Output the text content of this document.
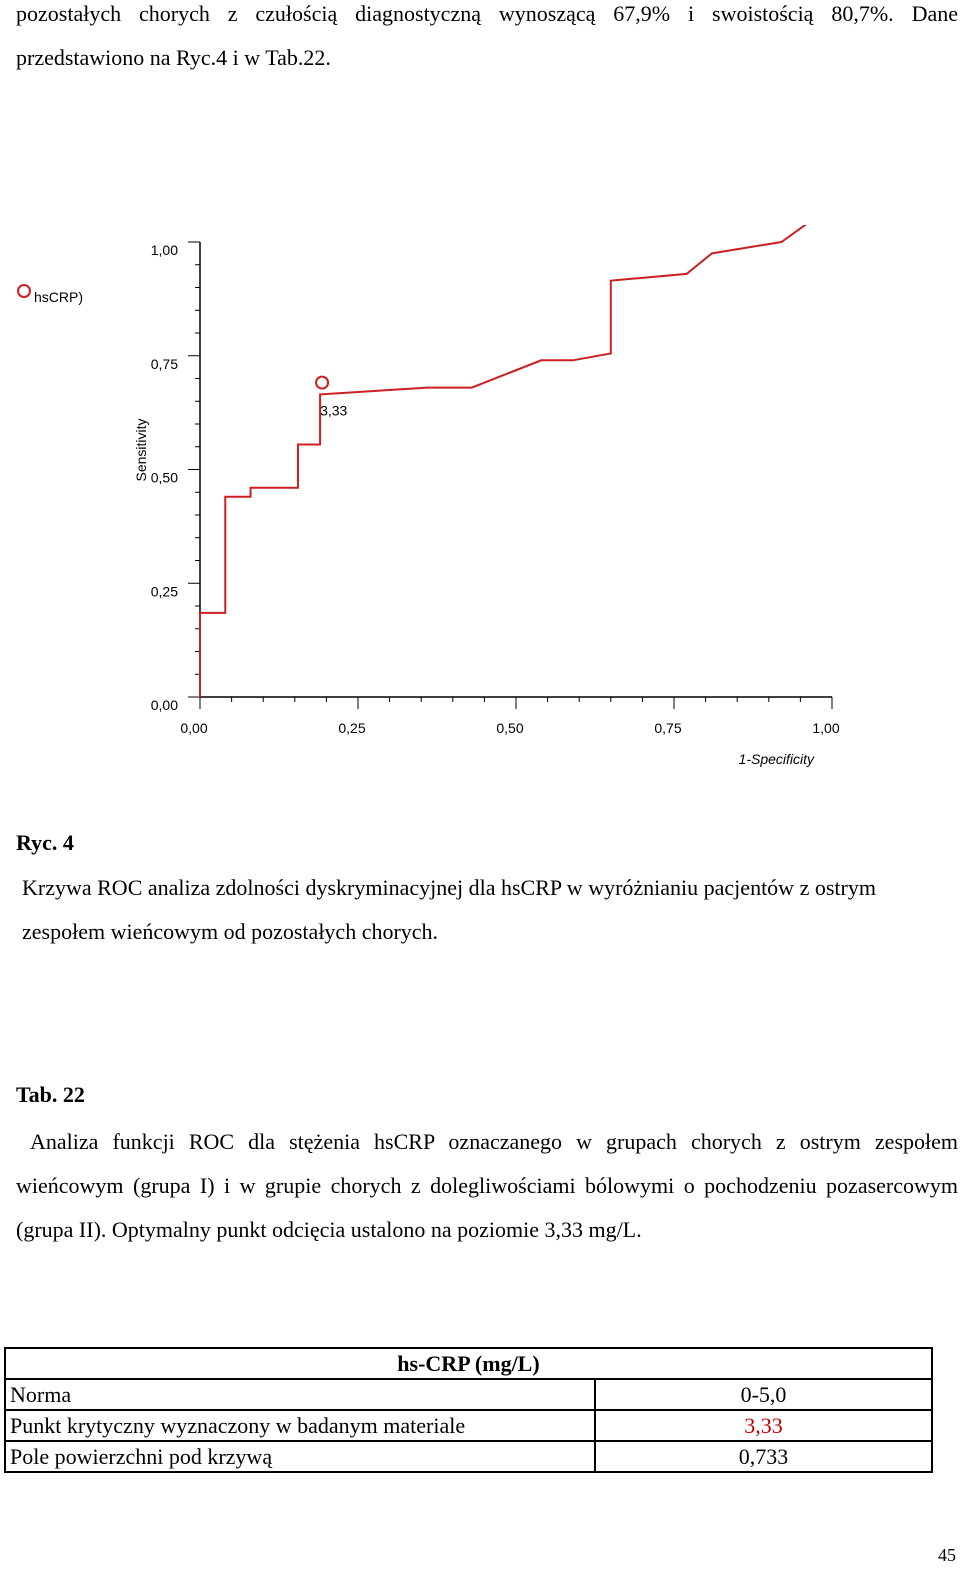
pozostałych chorych z czułością diagnostyczną wynoszącą 67,9% i swoistością 80,7%. Dane przedstawiono na Ryc.4 i w Tab.22.
0,00
0,25
0,50
0,75
1,00
0,00	0,25	0,50	0,75	1,00
1-Specificity
Sensitivity
3,33
hsCRP)
Ryc. 4
Krzywa ROC analiza zdolności dyskryminacyjnej dla hsCRP w wyróżnianiu pacjentów z ostrym zespołem wieńcowym od pozostałych chorych.
Tab. 22
Analiza funkcji ROC dla stężenia hsCRP oznaczanego w grupach chorych z ostrym zespołem wieńcowym (grupa I) i w grupie chorych z dolegliwościami bólowymi o pochodzeniu pozasercowym (grupa II). Optymalny punkt odcięcia ustalono na poziomie 3,33 mg/L.
hs-CRP (mg/L)	
Norma	0-5,0
Punkt krytyczny wyznaczony w badanym materiale	3,33
Pole powierzchni pod krzywą	0,733
45
